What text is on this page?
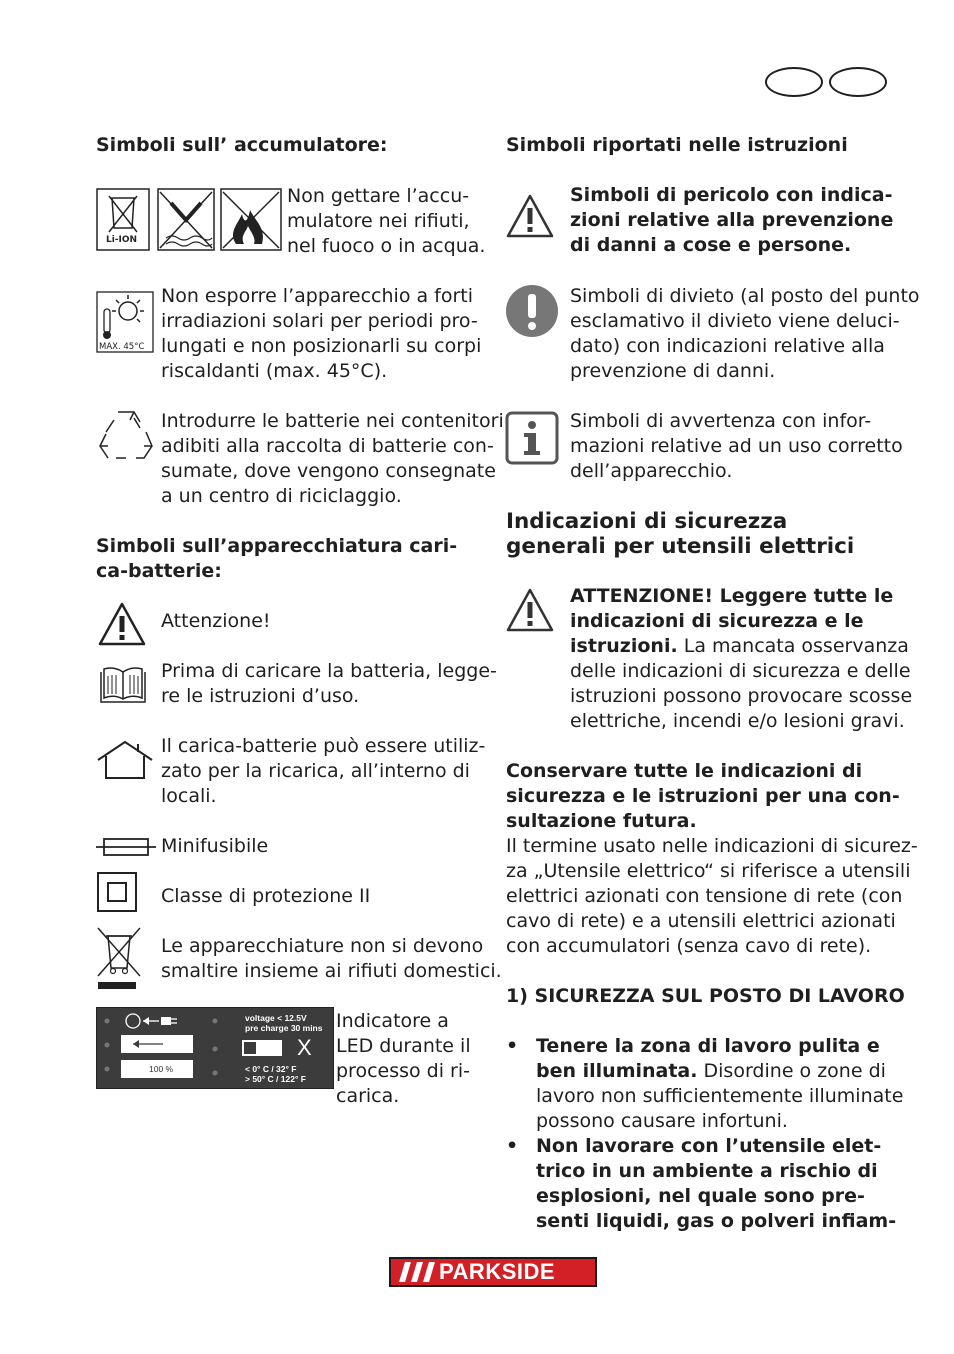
Simboli sull’ accumulatore:
Li-ION
Non gettare l’accu-
mulatore nei rifiuti,
nel fuoco o in acqua.
MAX. 45°C
Non esporre l’apparecchio a forti
irradiazioni solari per periodi pro-
lungati e non posizionarli su corpi
riscaldanti (max. 45°C).
Introdurre le batterie nei contenitori
adibiti alla raccolta di batterie con-
sumate, dove vengono consegnate
a un centro di riciclaggio.
Simboli sull’apparecchiatura cari-
ca-batterie:
Attenzione!
Prima di caricare la batteria, legge-
re le istruzioni d’uso.
Il carica-batterie può essere utiliz-
zato per la ricarica, all’interno di
locali.
Minifusibile
Classe di protezione II
Le apparecchiature non si devono
smaltire insieme ai rifiuti domestici.
voltage < 12.5V
pre charge 30 mins
100 %
X
< 0° C / 32° F
> 50° C / 122° F
Indicatore a
LED durante il
processo di ri-
carica.
Simboli riportati nelle istruzioni
Simboli di pericolo con indica-
zioni relative alla prevenzione
di danni a cose e persone.
Simboli di divieto (al posto del punto
esclamativo il divieto viene deluci-
dato) con indicazioni relative alla
prevenzione di danni.
Simboli di avvertenza con infor-
mazioni relative ad un uso corretto
dell’apparecchio.
Indicazioni di sicurezza
generali per utensili elettrici
ATTENZIONE! Leggere tutte le
indicazioni di sicurezza e le
istruzioni. La mancata osservanza
delle indicazioni di sicurezza e delle
istruzioni possono provocare scosse
elettriche, incendi e/o lesioni gravi.
Conservare tutte le indicazioni di
sicurezza e le istruzioni per una con-
sultazione futura.
Il termine usato nelle indicazioni di sicurez-
za „Utensile elettrico“ si riferisce a utensili
elettrici azionati con tensione di rete (con
cavo di rete) e a utensili elettrici azionati
con accumulatori (senza cavo di rete).
1) SICUREZZA SUL POSTO DI LAVORO
• Tenere la zona di lavoro pulita e
ben illuminata. Disordine o zone di
lavoro non sufficientemente illuminate
possono causare infortuni.
• Non lavorare con l’utensile elet-
trico in un ambiente a rischio di
esplosioni, nel quale sono pre-
senti liquidi, gas o polveri infiam-
PARKSIDE
